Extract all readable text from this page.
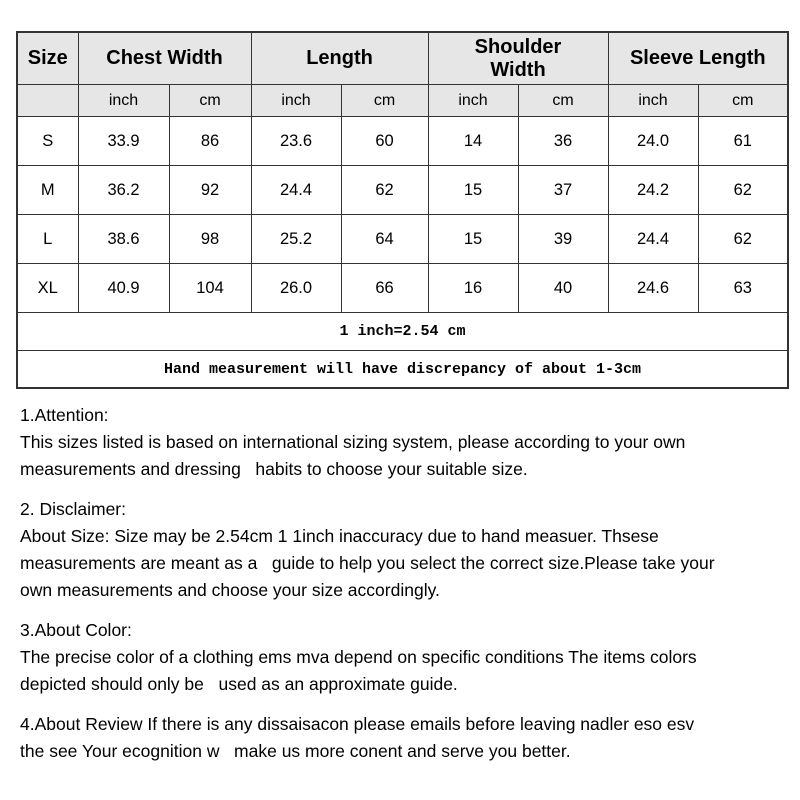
Size	Chest Width		Length		Shoulder Width		Sleeve Length	
	inch	cm	inch	cm	inch	cm	inch	cm
S	33.9	86	23.6	60	14	36	24.0	61
M	36.2	92	24.4	62	15	37	24.2	62
L	38.6	98	25.2	64	15	39	24.4	62
XL	40.9	104	26.0	66	16	40	24.6	63
1 inch=2.54 cm								
Hand measurement will have discrepancy of about 1-3cm								
1.Attention:
This sizes listed is based on international sizing system, please according to your own
measurements and dressing   habits to choose your suitable size.
2. Disclaimer:
About Size: Size may be 2.54cm 1 1inch inaccuracy due to hand measuer. Thsese
measurements are meant as a   guide to help you select the correct size.Please take your
own measurements and choose your size accordingly.
3.About Color:
The precise color of a clothing ems mva depend on specific conditions The items colors
depicted should only be   used as an approximate guide.
4.About Review If there is any dissaisacon please emails before leaving nadler eso esv
the see Your ecognition w   make us more conent and serve you better.
